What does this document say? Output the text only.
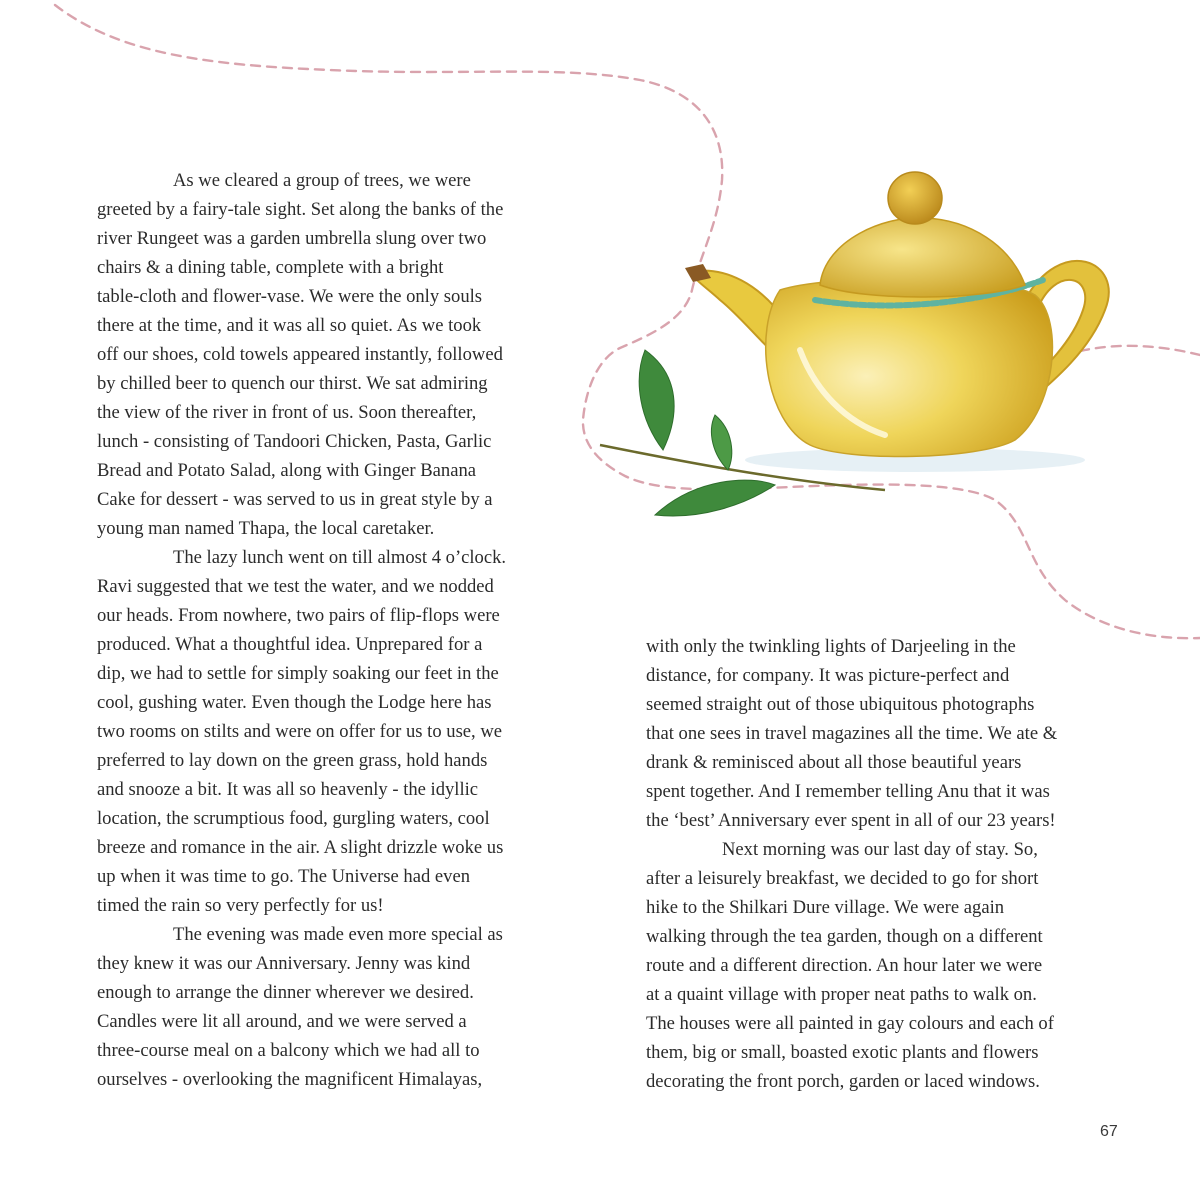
As we cleared a group of trees, we were

greeted by a fairy-tale sight. Set along the banks of the

river Rungeet was a garden umbrella slung over two

chairs & a dining table, complete with a bright

table-cloth and flower-vase. We were the only souls

there at the time, and it was all so quiet. As we took

off our shoes, cold towels appeared instantly, followed

by chilled beer to quench our thirst. We sat admiring

the view of the river in front of us. Soon thereafter,

lunch - consisting of Tandoori Chicken, Pasta, Garlic

Bread and Potato Salad, along with Ginger Banana

Cake for dessert - was served to us in great style by a

young man named Thapa, the local caretaker.

The lazy lunch went on till almost 4 o’clock.

Ravi suggested that we test the water, and we nodded

our heads. From nowhere, two pairs of flip-flops were

produced. What a thoughtful idea. Unprepared for a

dip, we had to settle for simply soaking our feet in the

cool, gushing water. Even though the Lodge here has

two rooms on stilts and were on offer for us to use, we

preferred to lay down on the green grass, hold hands

and snooze a bit. It was all so heavenly - the idyllic

location, the scrumptious food, gurgling waters, cool

breeze and romance in the air. A slight drizzle woke us

up when it was time to go. The Universe had even

timed the rain so very perfectly for us!

The evening was made even more special as

they knew it was our Anniversary. Jenny was kind

enough to arrange the dinner wherever we desired.

Candles were lit all around, and we were served a

three-course meal on a balcony which we had all to

ourselves - overlooking the magnificent Himalayas,

with only the twinkling lights of Darjeeling in the

distance, for company. It was picture-perfect and

seemed straight out of those ubiquitous photographs

that one sees in travel magazines all the time. We ate &

drank & reminisced about all those beautiful years

spent together. And I remember telling Anu that it was

the ‘best’ Anniversary ever spent in all of our 23 years!

Next morning was our last day of stay. So,

after a leisurely breakfast, we decided to go for short

hike to the Shilkari Dure village. We were again

walking through the tea garden, though on a different

route and a different direction. An hour later we were

at a quaint village with proper neat paths to walk on.

The houses were all painted in gay colours and each of

them, big or small, boasted exotic plants and flowers

decorating the front porch, garden or laced windows.

67
